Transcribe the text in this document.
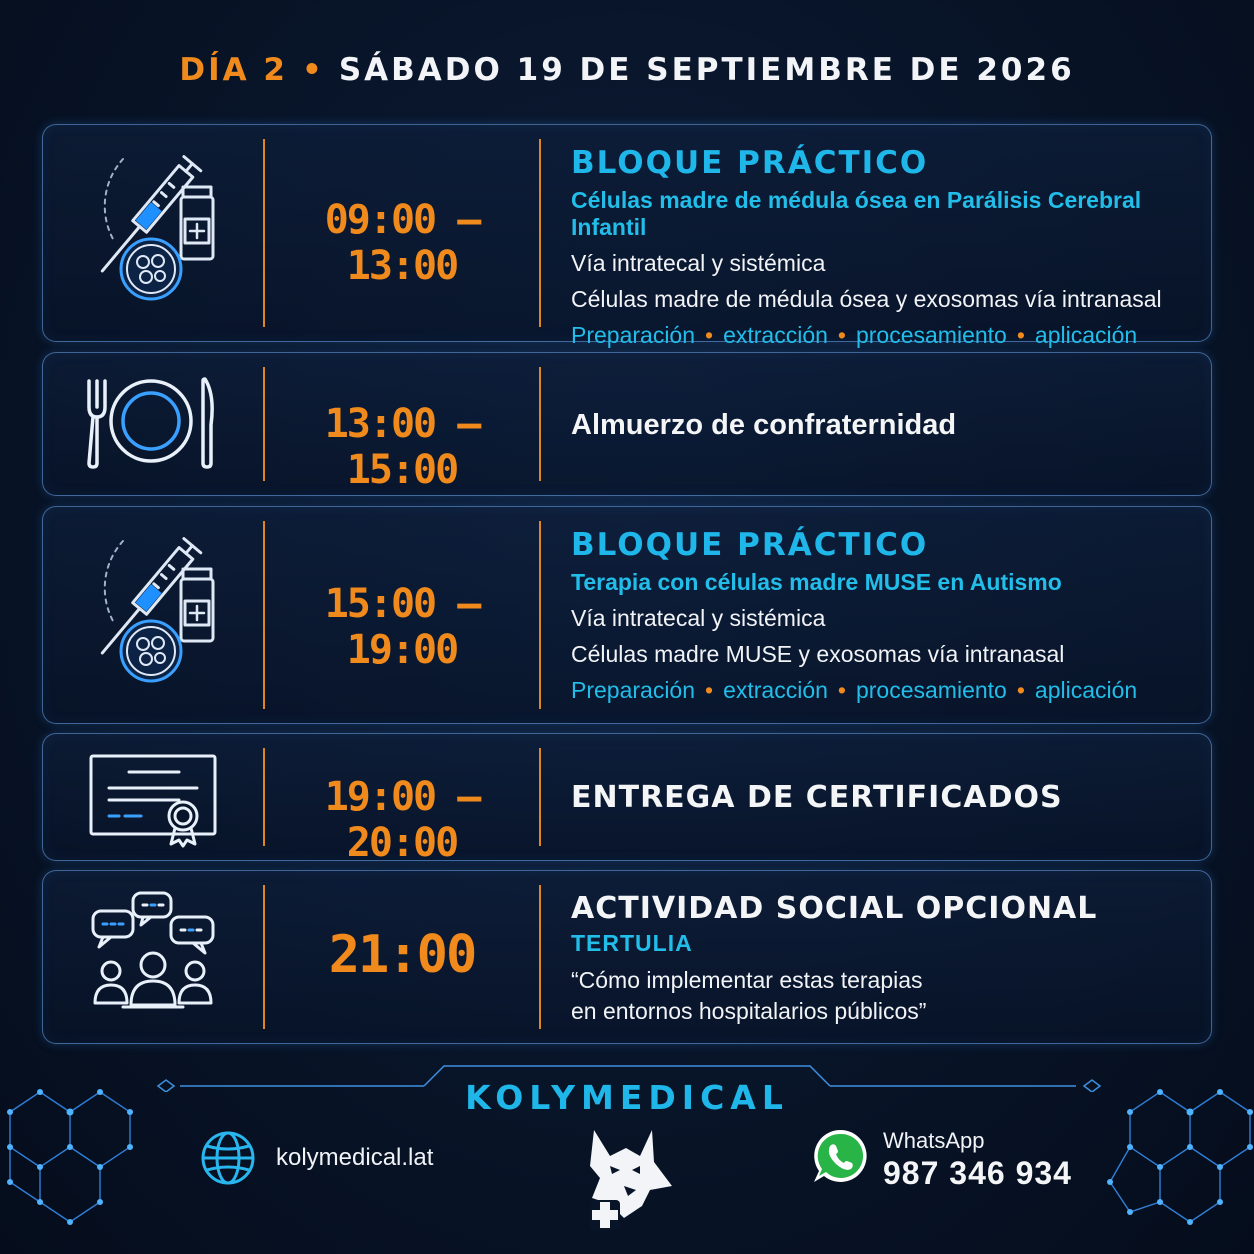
DÍA 2 • SÁBADO 19 DE SEPTIEMBRE DE 2026
09:00 – 13:00
BLOQUE PRÁCTICO
Células madre de médula ósea en Parálisis Cerebral Infantil
Vía intratecal y sistémica
Células madre de médula ósea y exosomas vía intranasal
Preparación • extracción • procesamiento • aplicación
13:00 – 15:00
Almuerzo de confraternidad
15:00 – 19:00
BLOQUE PRÁCTICO
Terapia con células madre MUSE en Autismo
Vía intratecal y sistémica
Células madre MUSE y exosomas vía intranasal
Preparación • extracción • procesamiento • aplicación
19:00 – 20:00
ENTREGA DE CERTIFICADOS
21:00
ACTIVIDAD SOCIAL OPCIONAL
TERTULIA
“Cómo implementar estas terapias
en entornos hospitalarios públicos”
KOLYMEDICAL
kolymedical.lat
WhatsApp
987 346 934
